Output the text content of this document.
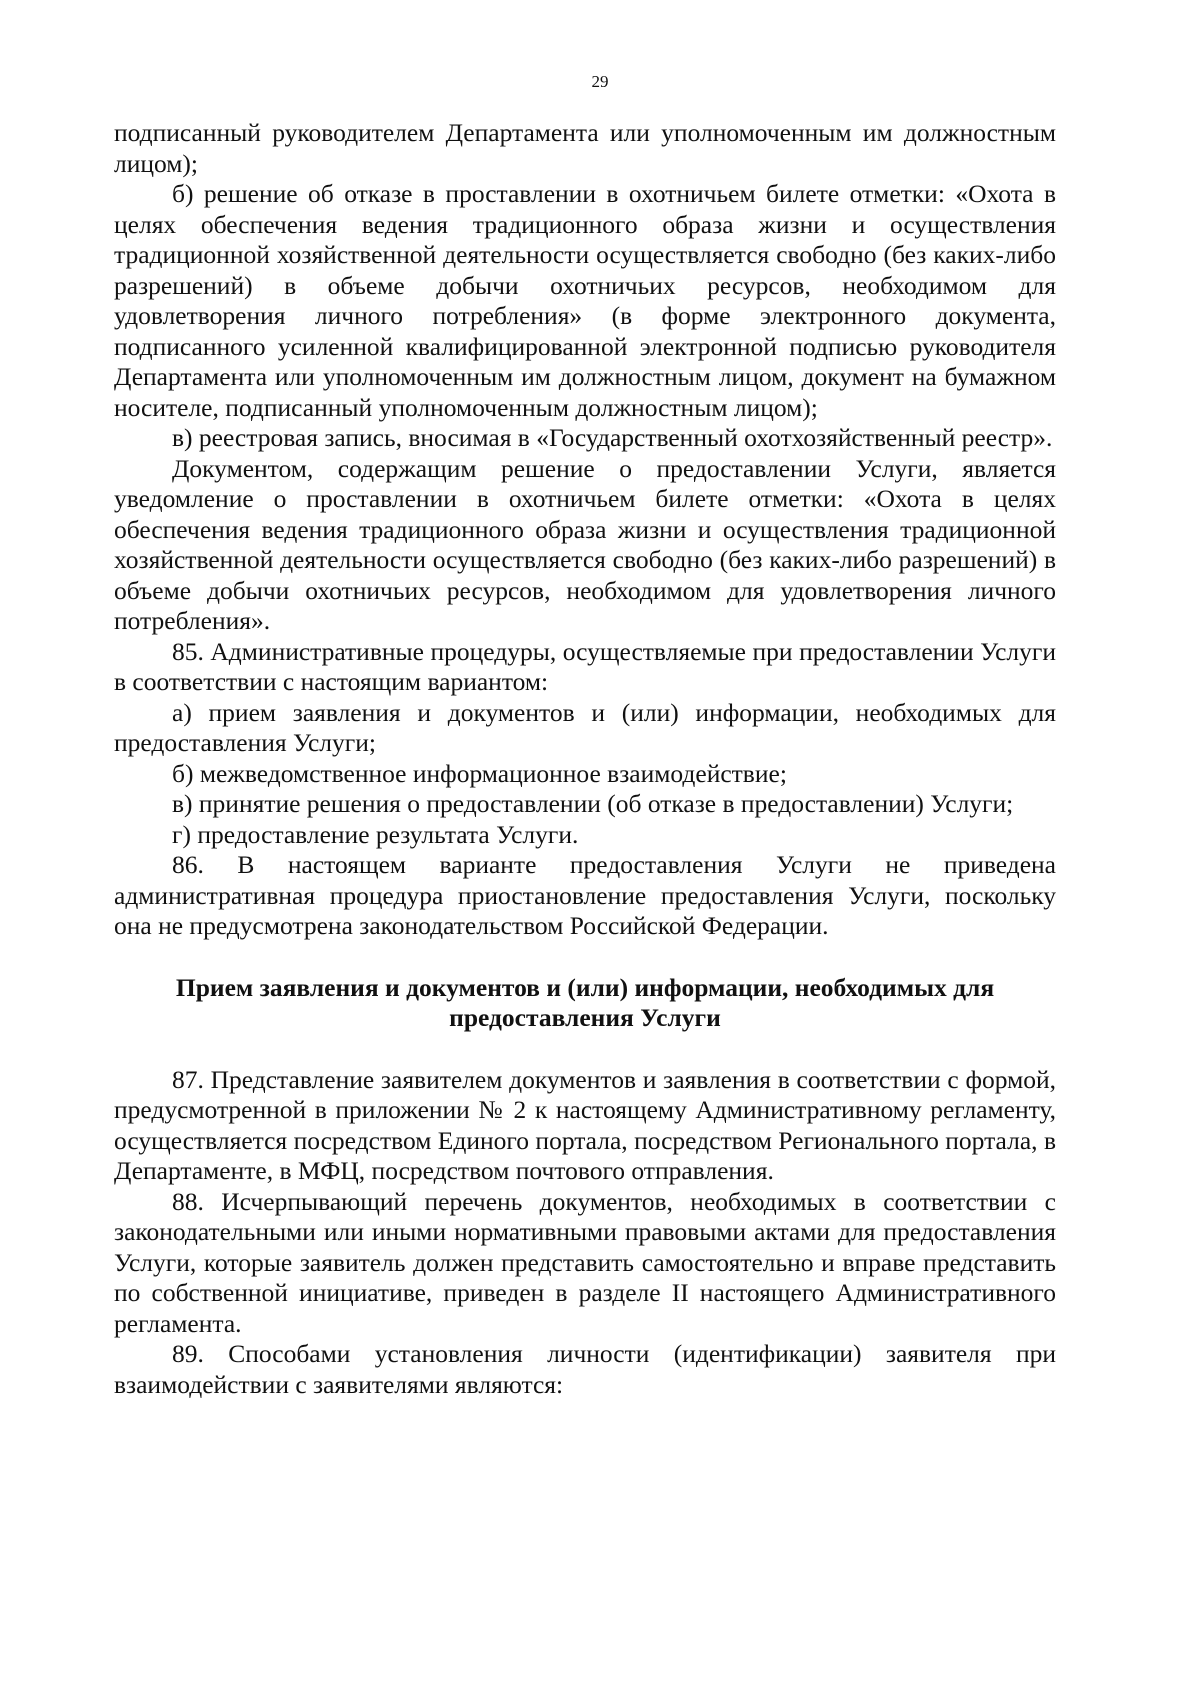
29

подписанный руководителем Департамента или уполномоченным им должностным лицом);

б) решение об отказе в проставлении в охотничьем билете отметки: «Охота в целях обеспечения ведения традиционного образа жизни и осуществления традиционной хозяйственной деятельности осуществляется свободно (без каких-либо разрешений) в объеме добычи охотничьих ресурсов, необходимом для удовлетворения личного потребления» (в форме электронного документа, подписанного усиленной квалифицированной электронной подписью руководителя Департамента или уполномоченным им должностным лицом, документ на бумажном носителе, подписанный уполномоченным должностным лицом);

в) реестровая запись, вносимая в «Государственный охотхозяйственный реестр».

Документом, содержащим решение о предоставлении Услуги, является уведомление о проставлении в охотничьем билете отметки: «Охота в целях обеспечения ведения традиционного образа жизни и осуществления традиционной хозяйственной деятельности осуществляется свободно (без каких-либо разрешений) в объеме добычи охотничьих ресурсов, необходимом для удовлетворения личного потребления».

85. Административные процедуры, осуществляемые при предоставлении Услуги в соответствии с настоящим вариантом:

а) прием заявления и документов и (или) информации, необходимых для предоставления Услуги;

б) межведомственное информационное взаимодействие;

в) принятие решения о предоставлении (об отказе в предоставлении) Услуги;

г) предоставление результата Услуги.

86. В настоящем варианте предоставления Услуги не приведена административная процедура приостановление предоставления Услуги, поскольку она не предусмотрена законодательством Российской Федерации.

Прием заявления и документов и (или) информации, необходимых для
предоставления Услуги

87. Представление заявителем документов и заявления в соответствии с формой, предусмотренной в приложении № 2 к настоящему Административному регламенту, осуществляется посредством Единого портала, посредством Регионального портала, в Департаменте, в МФЦ, посредством почтового отправления.

88. Исчерпывающий перечень документов, необходимых в соответствии с законодательными или иными нормативными правовыми актами для предоставления Услуги, которые заявитель должен представить самостоятельно и вправе представить по собственной инициативе, приведен в разделе II настоящего Административного регламента.

89. Способами установления личности (идентификации) заявителя при взаимодействии с заявителями являются:
